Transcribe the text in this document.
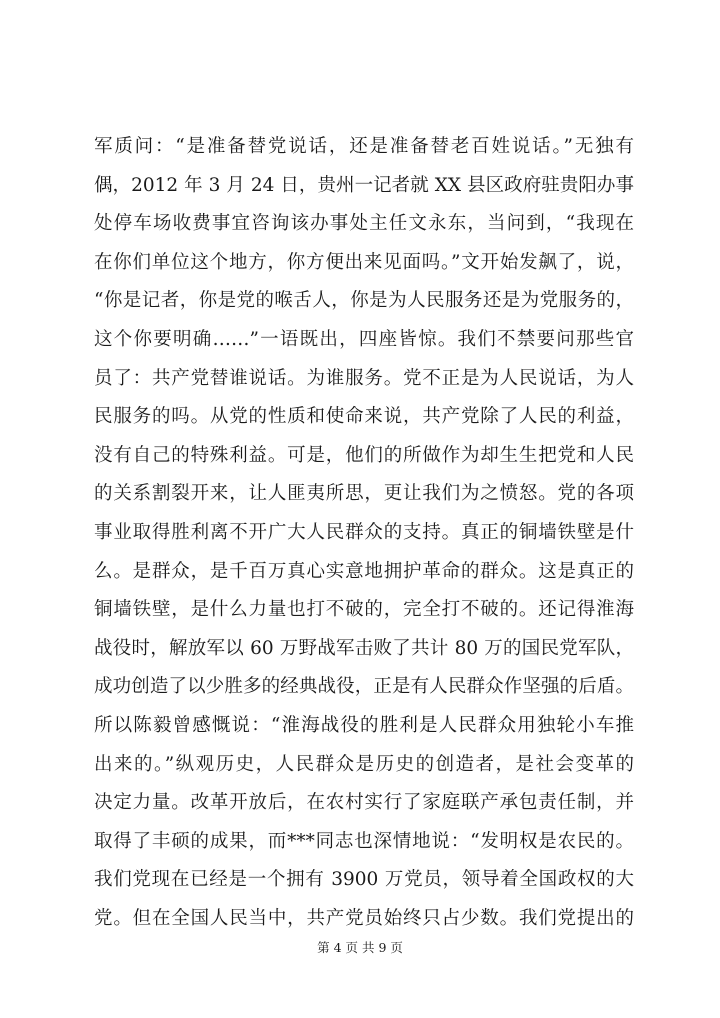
军质问：“是准备替党说话，还是准备替老百姓说话。”无独有
偶，2012 年 3 月 24 日，贵州一记者就 XX 县区政府驻贵阳办事
处停车场收费事宜咨询该办事处主任文永东，当问到，“我现在
在你们单位这个地方，你方便出来见面吗。”文开始发飙了，说，
“你是记者，你是党的喉舌人，你是为人民服务还是为党服务的，
这个你要明确……”一语既出，四座皆惊。我们不禁要问那些官
员了：共产党替谁说话。为谁服务。党不正是为人民说话，为人
民服务的吗。从党的性质和使命来说，共产党除了人民的利益，
没有自己的特殊利益。可是，他们的所做作为却生生把党和人民
的关系割裂开来，让人匪夷所思，更让我们为之愤怒。党的各项
事业取得胜利离不开广大人民群众的支持。真正的铜墙铁壁是什
么。是群众，是千百万真心实意地拥护革命的群众。这是真正的
铜墙铁壁，是什么力量也打不破的，完全打不破的。还记得淮海
战役时，解放军以 60 万野战军击败了共计 80 万的国民党军队，
成功创造了以少胜多的经典战役，正是有人民群众作坚强的后盾。
所以陈毅曾感慨说：“淮海战役的胜利是人民群众用独轮小车推
出来的。”纵观历史，人民群众是历史的创造者，是社会变革的
决定力量。改革开放后，在农村实行了家庭联产承包责任制，并
取得了丰硕的成果，而***同志也深情地说：“发明权是农民的。
我们党现在已经是一个拥有 3900 万党员，领导着全国政权的大
党。但在全国人民当中，共产党员始终只占少数。我们党提出的
第 4 页 共 9 页
